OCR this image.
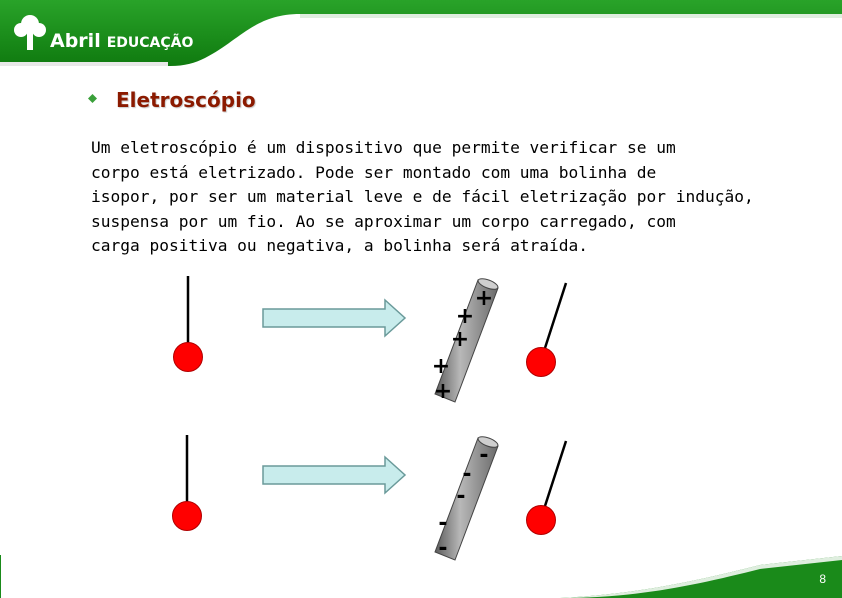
Abril EDUCAÇÃO
Eletroscópio
Um eletroscópio é um dispositivo que permite verificar se um
corpo está eletrizado. Pode ser montado com uma bolinha de
isopor, por ser um material leve e de fácil eletrização por indução,
suspensa por um fio. Ao se aproximar um corpo carregado, com
carga positiva ou negativa, a bolinha será atraída.
+
+
+
+
+
-
-
-
-
-
8
